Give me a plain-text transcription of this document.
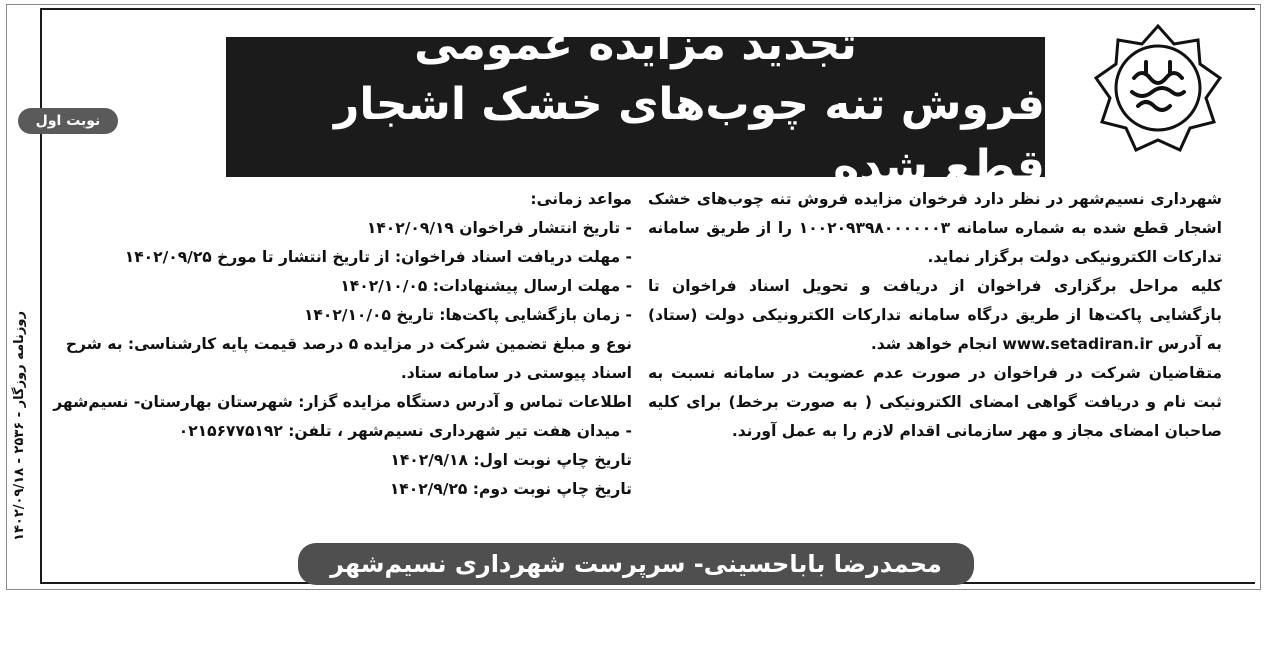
تجدید مزایده عمومی
فروش تنه چوب‌های خشک اشجار قطع شده
نوبت اول
روزنامه روزگار - ۲۵۳۶ - ۱۴۰۲/۰۹/۱۸

شهرداری نسیم‌شهر در نظر دارد فرخوان مزایده فروش تنه چوب‌های خشک اشجار قطع شده به شماره سامانه ۱۰۰۲۰۹۳۹۸۰۰۰۰۰۰۳ را از طریق سامانه تدارکات الکترونیکی دولت برگزار نماید.

کلیه مراحل برگزاری فراخوان از دریافت و تحویل اسناد فراخوان تا بازگشایی پاکت‌ها از طریق درگاه سامانه تدارکات الکترونیکی دولت (ستاد) به آدرس www.setadiran.ir انجام خواهد شد.

متقاضیان شرکت در فراخوان در صورت عدم عضویت در سامانه نسبت به ثبت نام و دریافت گواهی امضای الکترونیکی ( به صورت برخط) برای کلیه صاحبان امضای مجاز و مهر سازمانی اقدام لازم را به عمل آورند.

مواعد زمانی:
- تاریخ انتشار فراخوان ۱۴۰۲/۰۹/۱۹
- مهلت دریافت اسناد فراخوان: از تاریخ انتشار تا مورخ ۱۴۰۲/۰۹/۲۵
- مهلت ارسال پیشنهادات: ۱۴۰۲/۱۰/۰۵
- زمان بازگشایی پاکت‌ها: تاریخ ۱۴۰۲/۱۰/۰۵
نوع و مبلغ تضمین شرکت در مزایده ۵ درصد قیمت پایه کارشناسی: به شرح
اسناد پیوستی در سامانه ستاد.
اطلاعات تماس و آدرس دستگاه مزایده گزار: شهرستان بهارستان- نسیم‌شهر
- میدان هفت تیر شهرداری نسیم‌شهر ، تلفن: ۰۲۱۵۶۷۷۵۱۹۲
تاریخ چاپ نوبت اول: ۱۴۰۲/۹/۱۸
تاریخ چاپ نوبت دوم: ۱۴۰۲/۹/۲۵
محمدرضا باباحسینی- سرپرست شهرداری نسیم‌شهر
